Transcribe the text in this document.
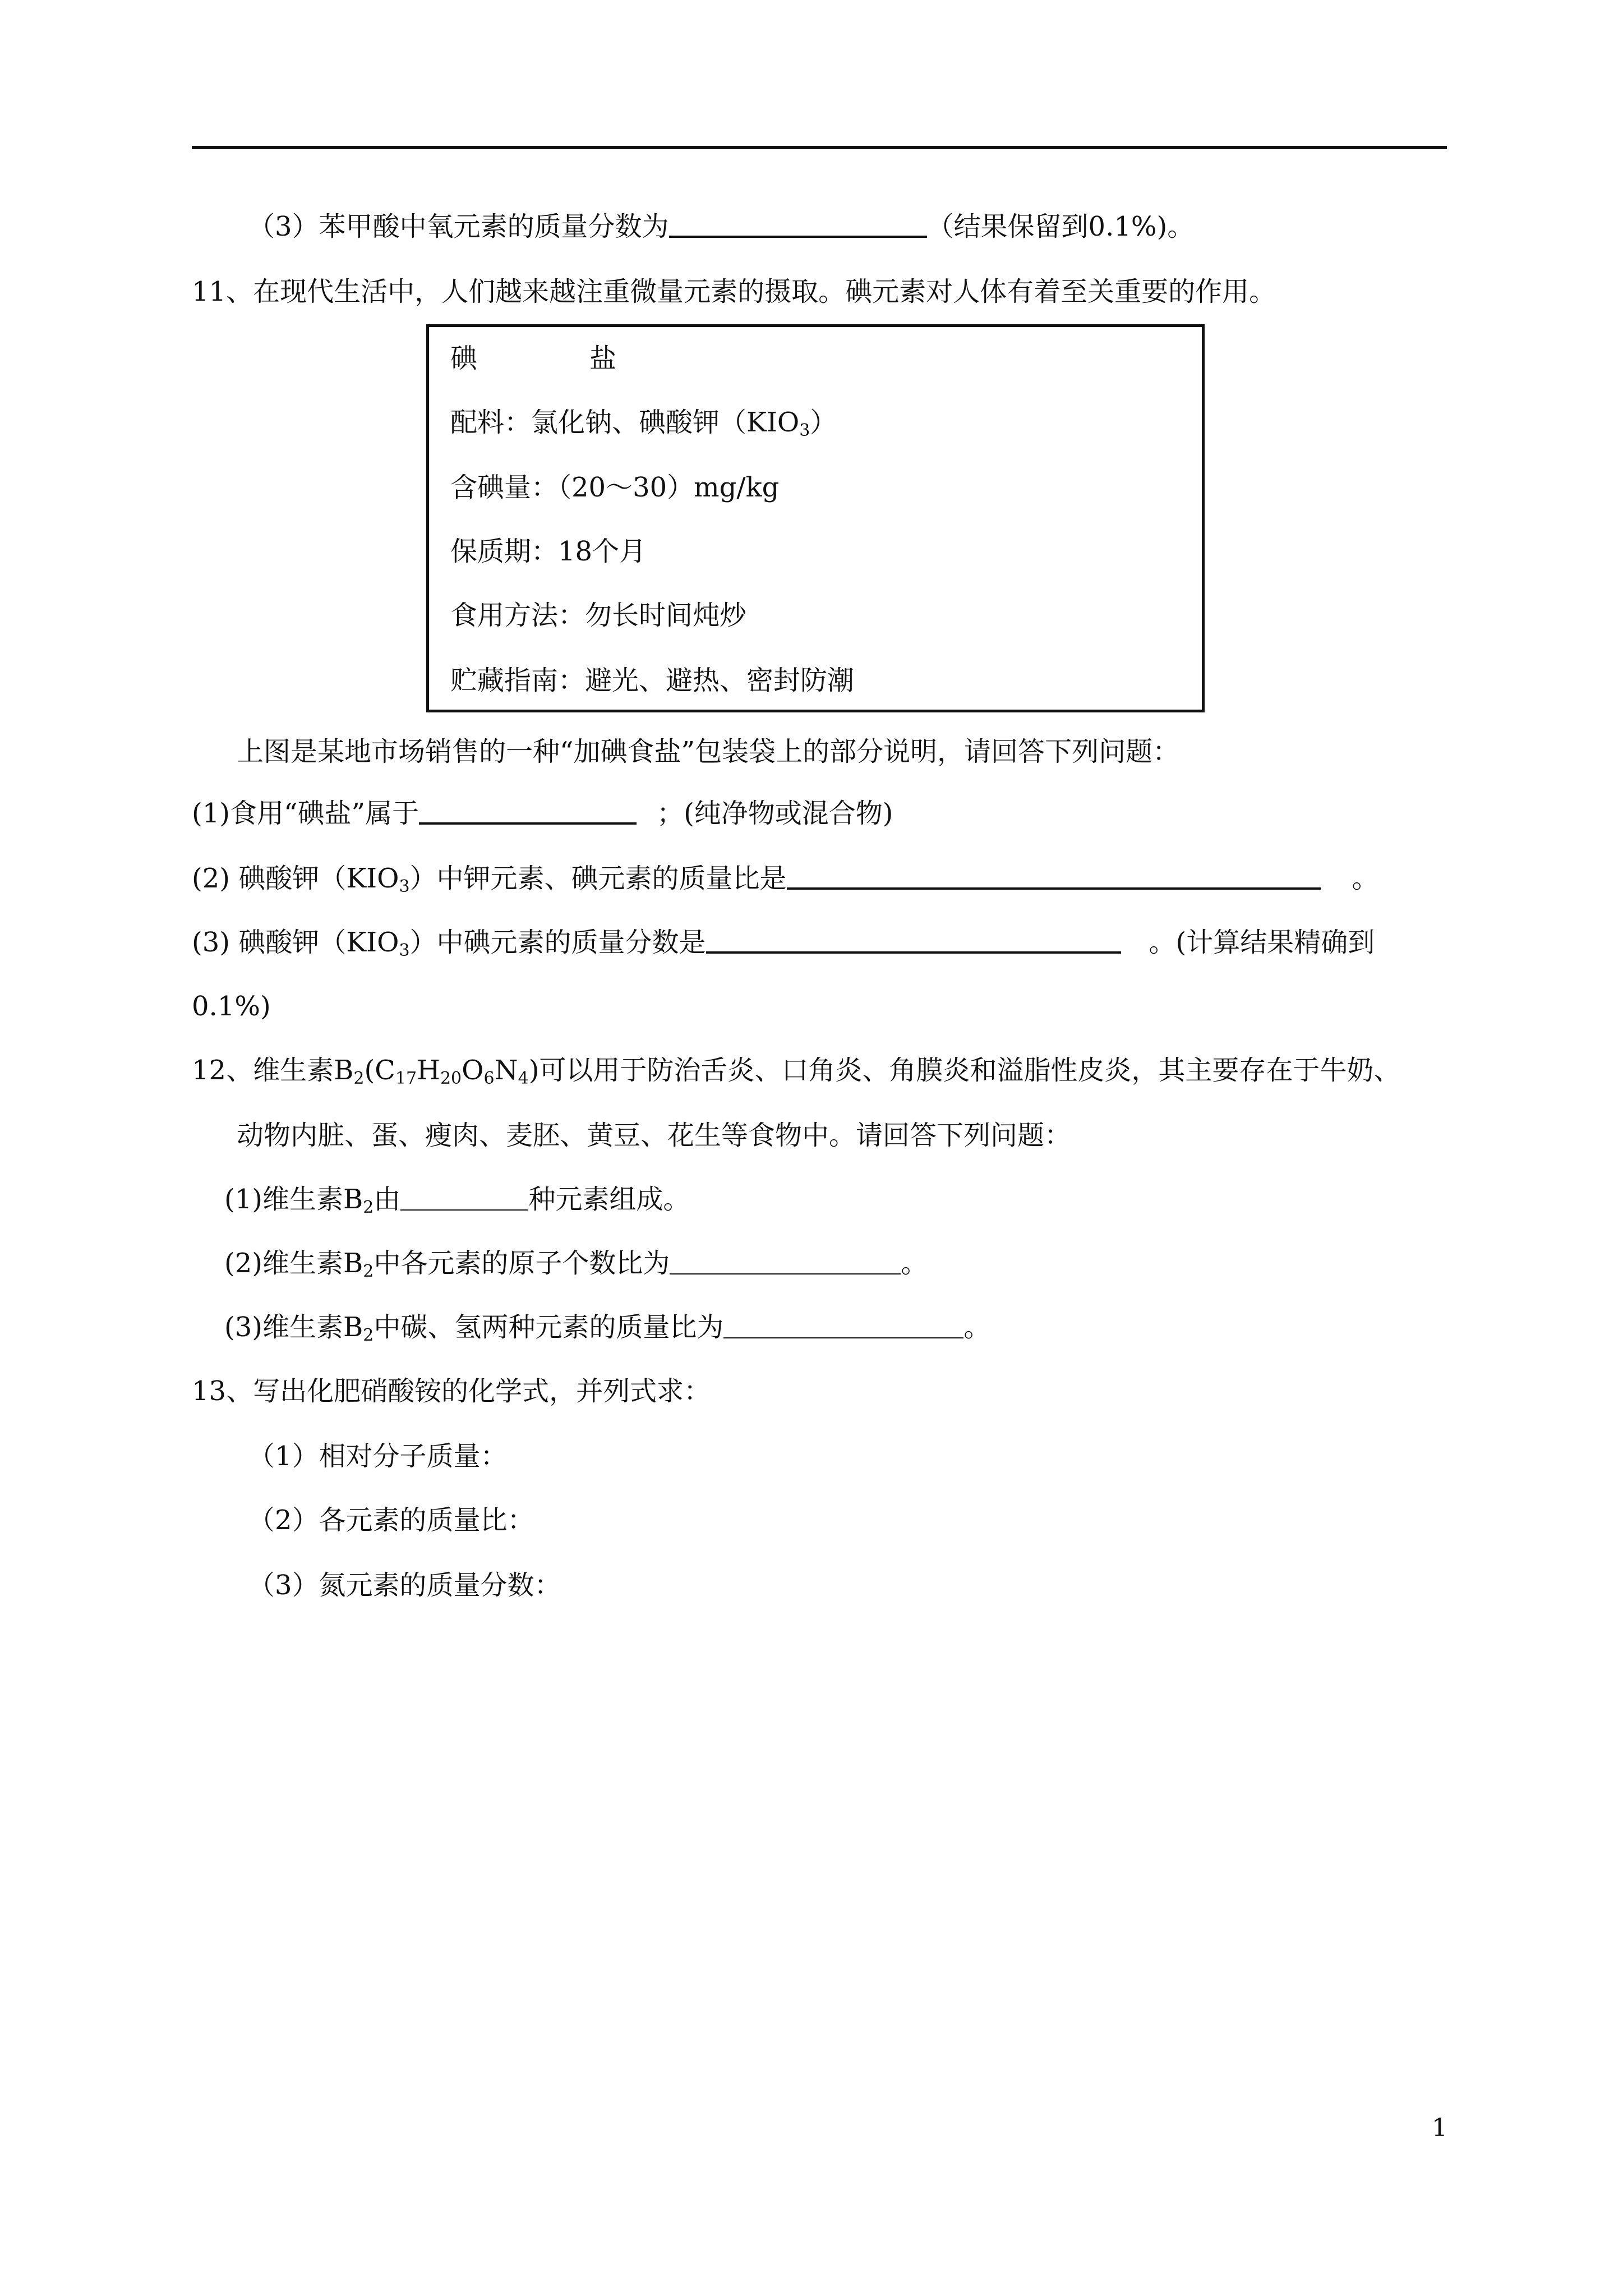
（3）苯甲酸中氧元素的质量分数为	（结果保留到0.1%)。
11、在现代生活中，人们越来越注重微量元素的摄取。碘元素对人体有着至关重要的作用。
碘	盐
配料：氯化钠、碘酸钾$(KIO_3)$
含碘量：（20～30）mg/kg
保质期：18个月
食用方法：勿长时间炖炒
贮藏指南：避光、避热、密封防潮
上图是某地市场销售的一种“加碘食盐”包装袋上的部分说明，请回答下列问题：
(1)食用“碘盐”属于	；(纯净物或混合物)
(2) 碘酸钾$(KIO_3)$中钾元素、碘元素的质量比是	。
(3) 碘酸钾$(KIO_3)$中碘元素的质量分数是	。(计算结果精确到
0.1%)
12、维生素$B_2(C_{17}H_{20}O_6N_4)$可以用于防治舌炎、口角炎、角膜炎和溢脂性皮炎，其主要存在于牛奶、
动物内脏、蛋、瘦肉、麦胚、黄豆、花生等食物中。请回答下列问题：
(1)维生素$B_2$由	种元素组成。
(2)维生素$B_2$中各元素的原子个数比为	。
(3)维生素$B_2$中碳、氢两种元素的质量比为	。
13、写出化肥硝酸铵的化学式，并列式求：
（1）相对分子质量：
（2）各元素的质量比：
（3）氮元素的质量分数：
1
